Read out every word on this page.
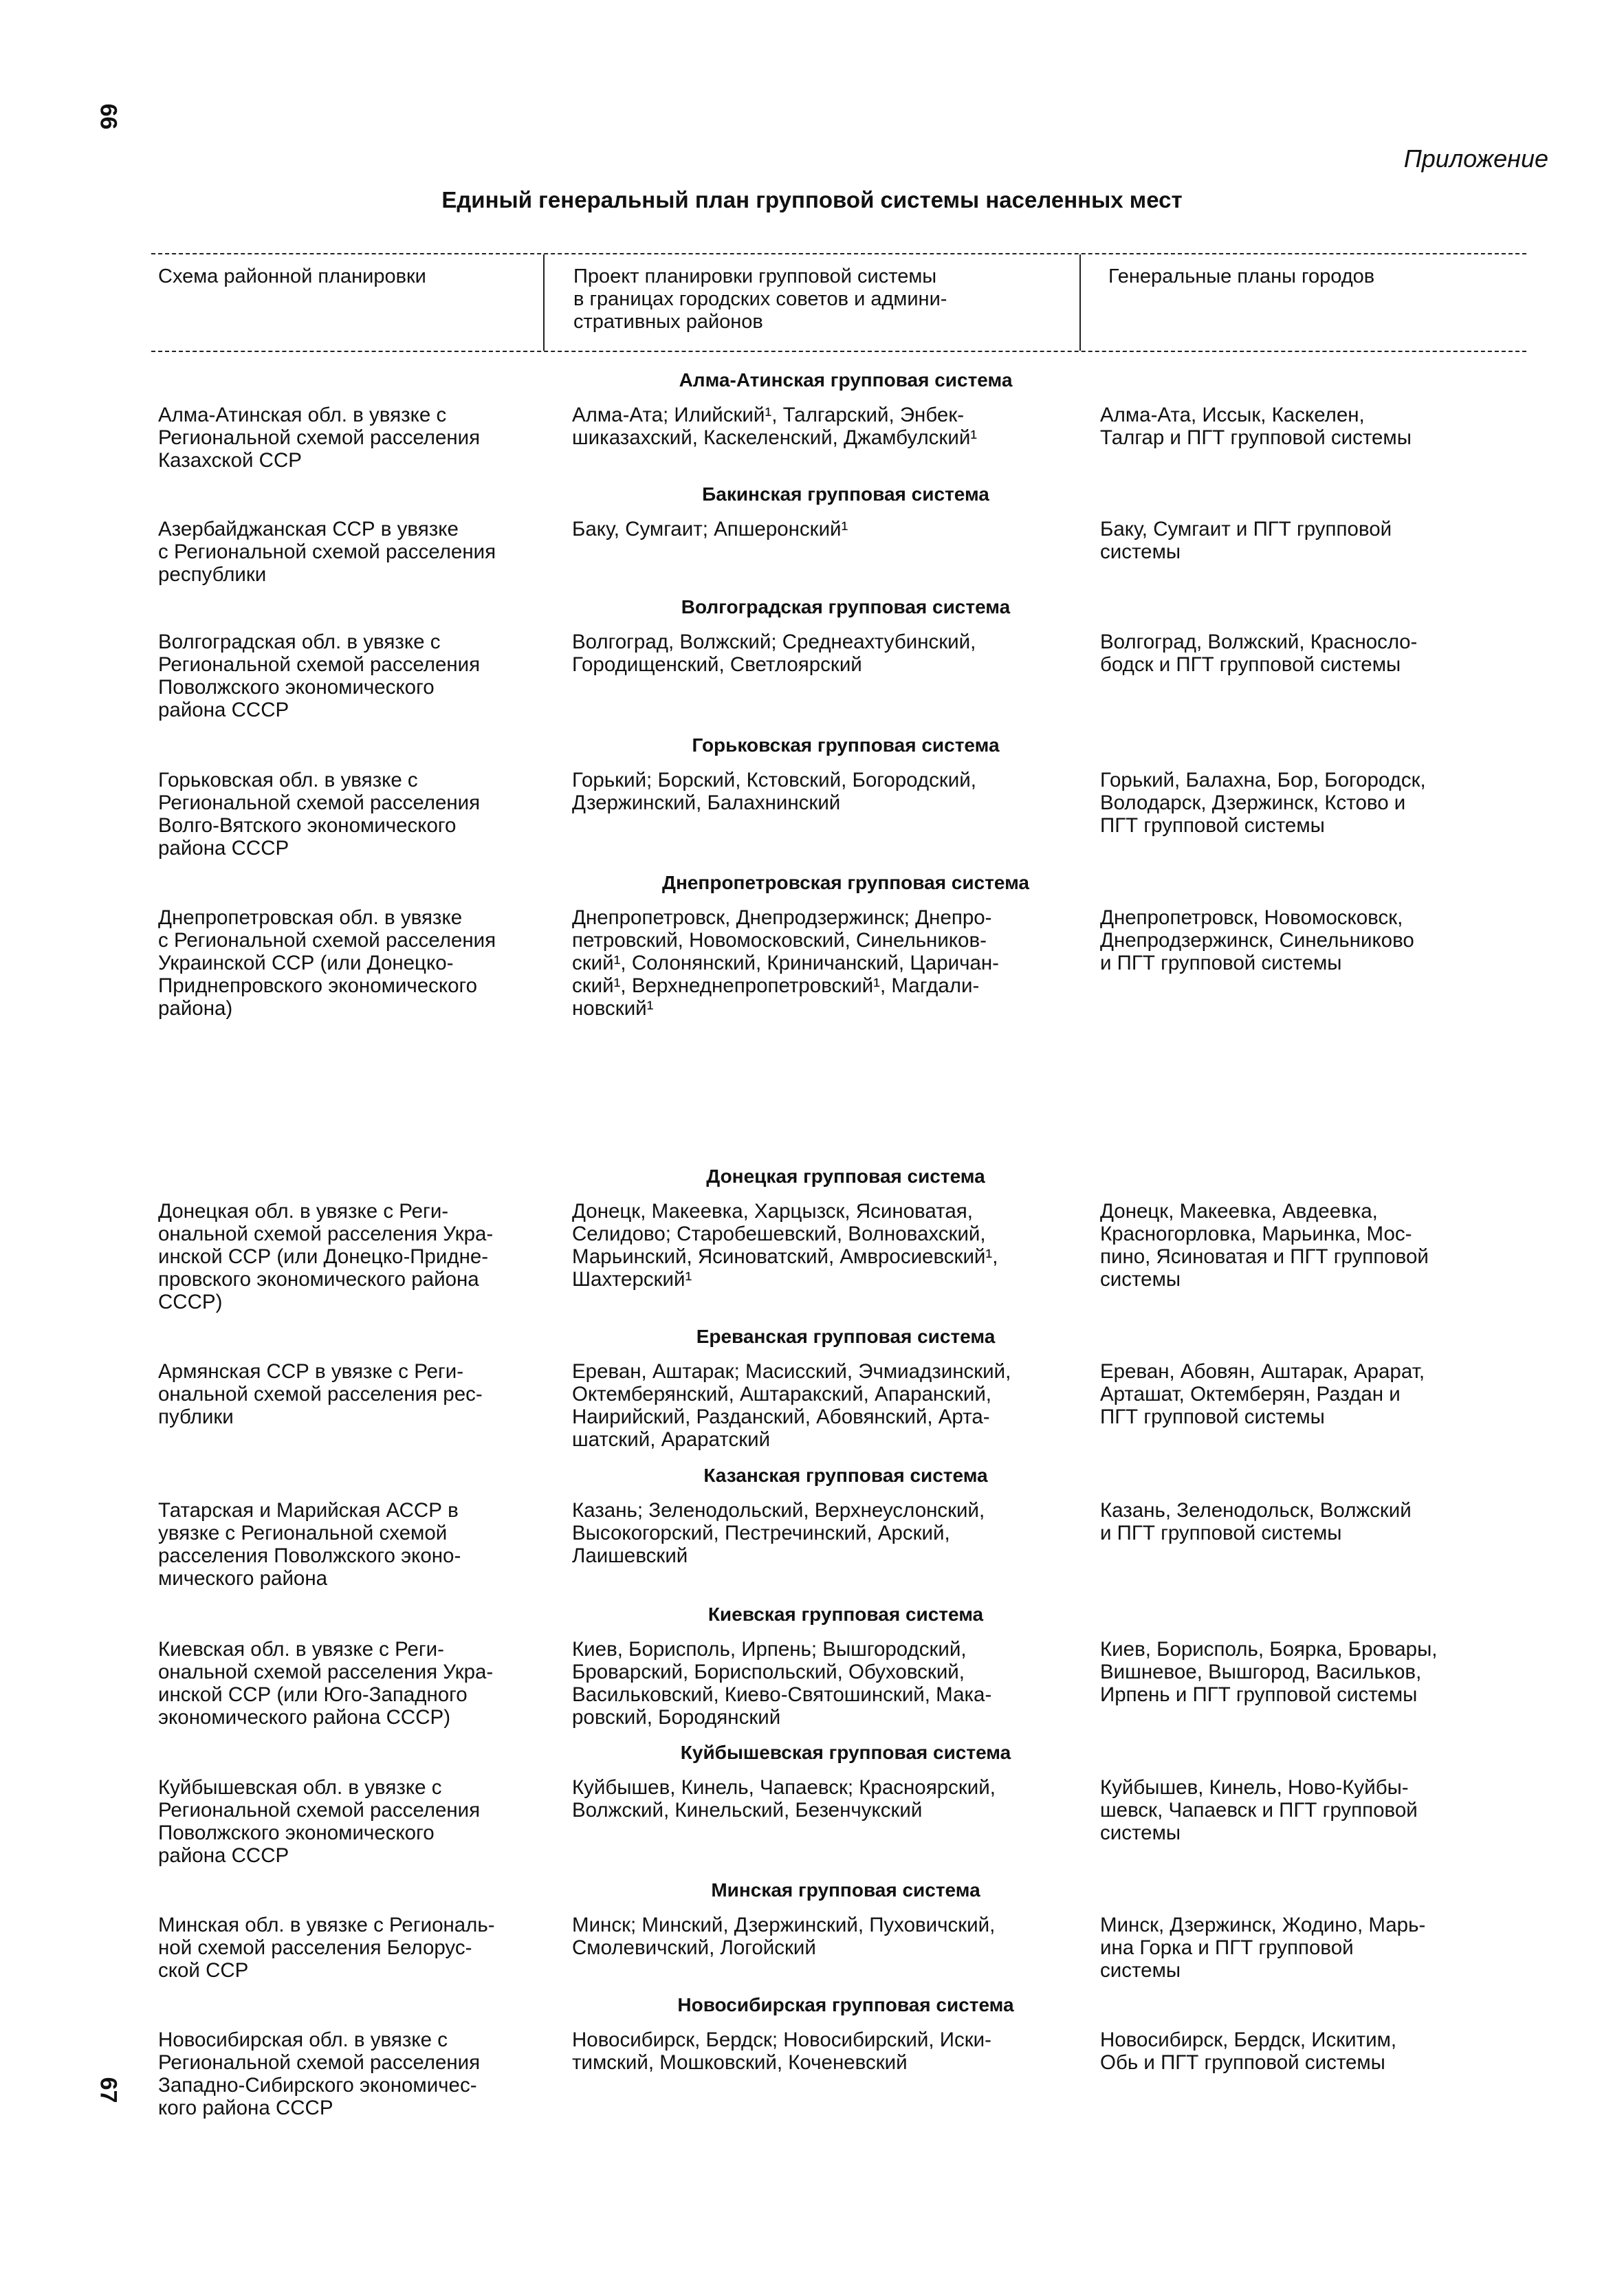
66
67
Приложение
Единый генеральный план групповой системы населенных мест
Схема районной планировки	Проект планировки групповой системы
в границах городских советов и админи-
стративных районов
Генеральные планы городов
Алма-Атинская групповая система
Алма-Атинская обл. в увязке с
Региональной схемой расселения
Казахской ССР
Алма-Ата; Илийский¹, Талгарский, Энбек-
шиказахский, Каскеленский, Джамбулский¹
Алма-Ата, Иссык, Каскелен,
Талгар и ПГТ групповой системы
Бакинская групповая система
Азербайджанская ССР в увязке
с Региональной схемой расселения
республики
Баку, Сумгаит; Апшеронский¹	Баку, Сумгаит и ПГТ групповой
системы
Волгоградская групповая система
Волгоградская обл. в увязке с
Региональной схемой расселения
Поволжского экономического
района СССР
Волгоград, Волжский; Среднеахтубинский,
Городищенский, Светлоярский
Волгоград, Волжский, Краснослo-
бодск и ПГТ групповой системы
Горьковская групповая система
Горьковская обл. в увязке с
Региональной схемой расселения
Волго-Вятского экономического
района СССР
Горький; Борский, Кстовский, Богородский,
Дзержинский, Балахнинский
Горький, Балахна, Бор, Богородск,
Володарск, Дзержинск, Кстово и
ПГТ групповой системы
Днепропетровская групповая система
Днепропетровская обл. в увязке
с Региональной схемой расселения
Украинской ССР (или Донецко-
Приднепровского экономического
района)
Днепропетровск, Днепродзержинск; Днепро-
петровский, Новомосковский, Синельников-
ский¹, Солонянский, Криничанский, Царичан-
ский¹, Верхнеднепропетровский¹, Магдали-
новский¹
Днепропетровск, Новомосковск,
Днепродзержинск, Синельниково
и ПГТ групповой системы
Донецкая групповая система
Донецкая обл. в увязке с Реги-
ональной схемой расселения Укра-
инской ССР (или Донецко-Придне-
провского экономического района
СССР)
Донецк, Макеевка, Харцызск, Ясиноватая,
Селидово; Старобешевский, Волновахский,
Марьинский, Ясиноватский, Амвросиевский¹,
Шахтерский¹
Донецк, Макеевка, Авдеевка,
Красногорловка, Марьинка, Мос-
пино, Ясиноватая и ПГТ групповой
системы
Ереванская групповая система
Армянская ССР в увязке с Реги-
ональной схемой расселения рес-
публики
Ереван, Аштарак; Масисский, Эчмиадзинский,
Октемберянский, Аштаракский, Апаранский,
Наирийский, Разданский, Абовянский, Арта-
шатский, Араратский
Ереван, Абовян, Аштарак, Арарат,
Арташат, Октемберян, Раздан и
ПГТ групповой системы
Казанская групповая система
Татарская и Марийская АССР в
увязке с Региональной схемой
расселения Поволжского эконо-
мического района
Казань; Зеленодольский, Верхнеуслонский,
Высокогорский, Пестречинский, Арский,
Лаишевский
Казань, Зеленодольск, Волжский
и ПГТ групповой системы
Киевская групповая система
Киевская обл. в увязке с Реги-
ональной схемой расселения Укра-
инской ССР (или Юго-Западного
экономического района СССР)
Киев, Борисполь, Ирпень; Вышгородский,
Броварский, Бориспольский, Обуховский,
Васильковский, Киево-Святошинский, Мака-
ровский, Бородянский
Киев, Борисполь, Боярка, Бровары,
Вишневое, Вышгород, Васильков,
Ирпень и ПГТ групповой системы
Куйбышевская групповая система
Куйбышевская обл. в увязке с
Региональной схемой расселения
Поволжского экономического
района СССР
Куйбышев, Кинель, Чапаевск; Красноярский,
Волжский, Кинельский, Безенчукский
Куйбышев, Кинель, Ново-Куйбы-
шевск, Чапаевск и ПГТ групповой
системы
Минская групповая система
Минская обл. в увязке с Региональ-
ной схемой расселения Белорус-
ской ССР
Минск; Минский, Дзержинский, Пуховичский,
Смолевичский, Логойский
Минск, Дзержинск, Жодино, Марь-
ина Горка и ПГТ групповой
системы
Новосибирская групповая система
Новосибирская обл. в увязке с
Региональной схемой расселения
Западно-Сибирского экономичес-
кого района СССР
Новосибирск, Бердск; Новосибирский, Иски-
тимский, Мошковский, Коченевский
Новосибирск, Бердск, Искитим,
Обь и ПГТ групповой системы
